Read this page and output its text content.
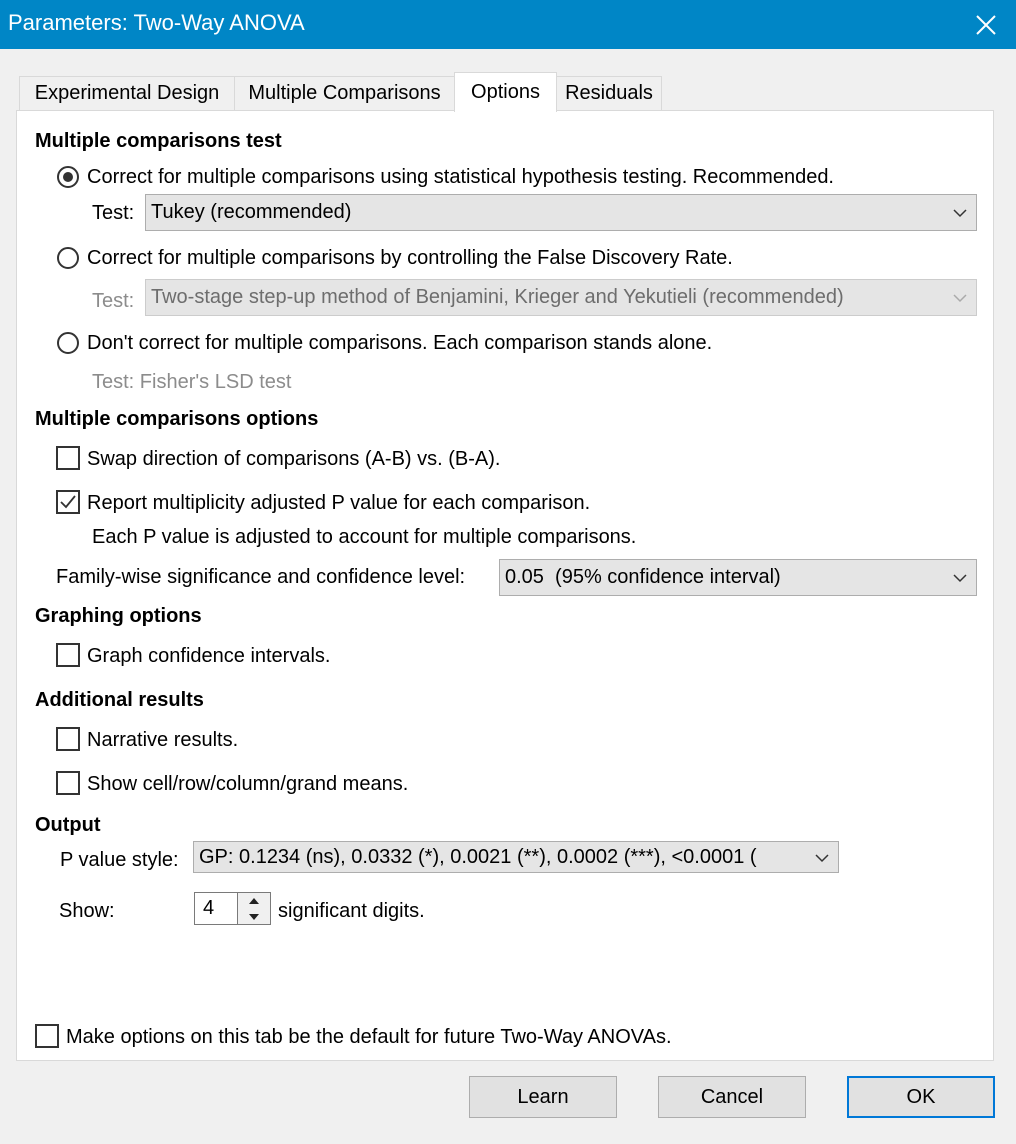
Parameters: Two-Way ANOVA
Experimental Design Multiple Comparisons Options Residuals
Multiple comparisons test
Correct for multiple comparisons using statistical hypothesis testing. Recommended.
Test: Tukey (recommended)
Correct for multiple comparisons by controlling the False Discovery Rate.
Test: Two-stage step-up method of Benjamini, Krieger and Yekutieli (recommended)
Don't correct for multiple comparisons. Each comparison stands alone.
Test: Fisher's LSD test
Multiple comparisons options
Swap direction of comparisons (A-B) vs. (B-A).
Report multiplicity adjusted P value for each comparison.
Each P value is adjusted to account for multiple comparisons.
Family-wise significance and confidence level: 0.05  (95% confidence interval)
Graphing options
Graph confidence intervals.
Additional results
Narrative results.
Show cell/row/column/grand means.
Output
P value style: GP: 0.1234 (ns), 0.0332 (*), 0.0021 (**), 0.0002 (***), <0.0001 (
Show:	4	significant digits.
Make options on this tab be the default for future Two-Way ANOVAs.
Learn	Cancel	OK
